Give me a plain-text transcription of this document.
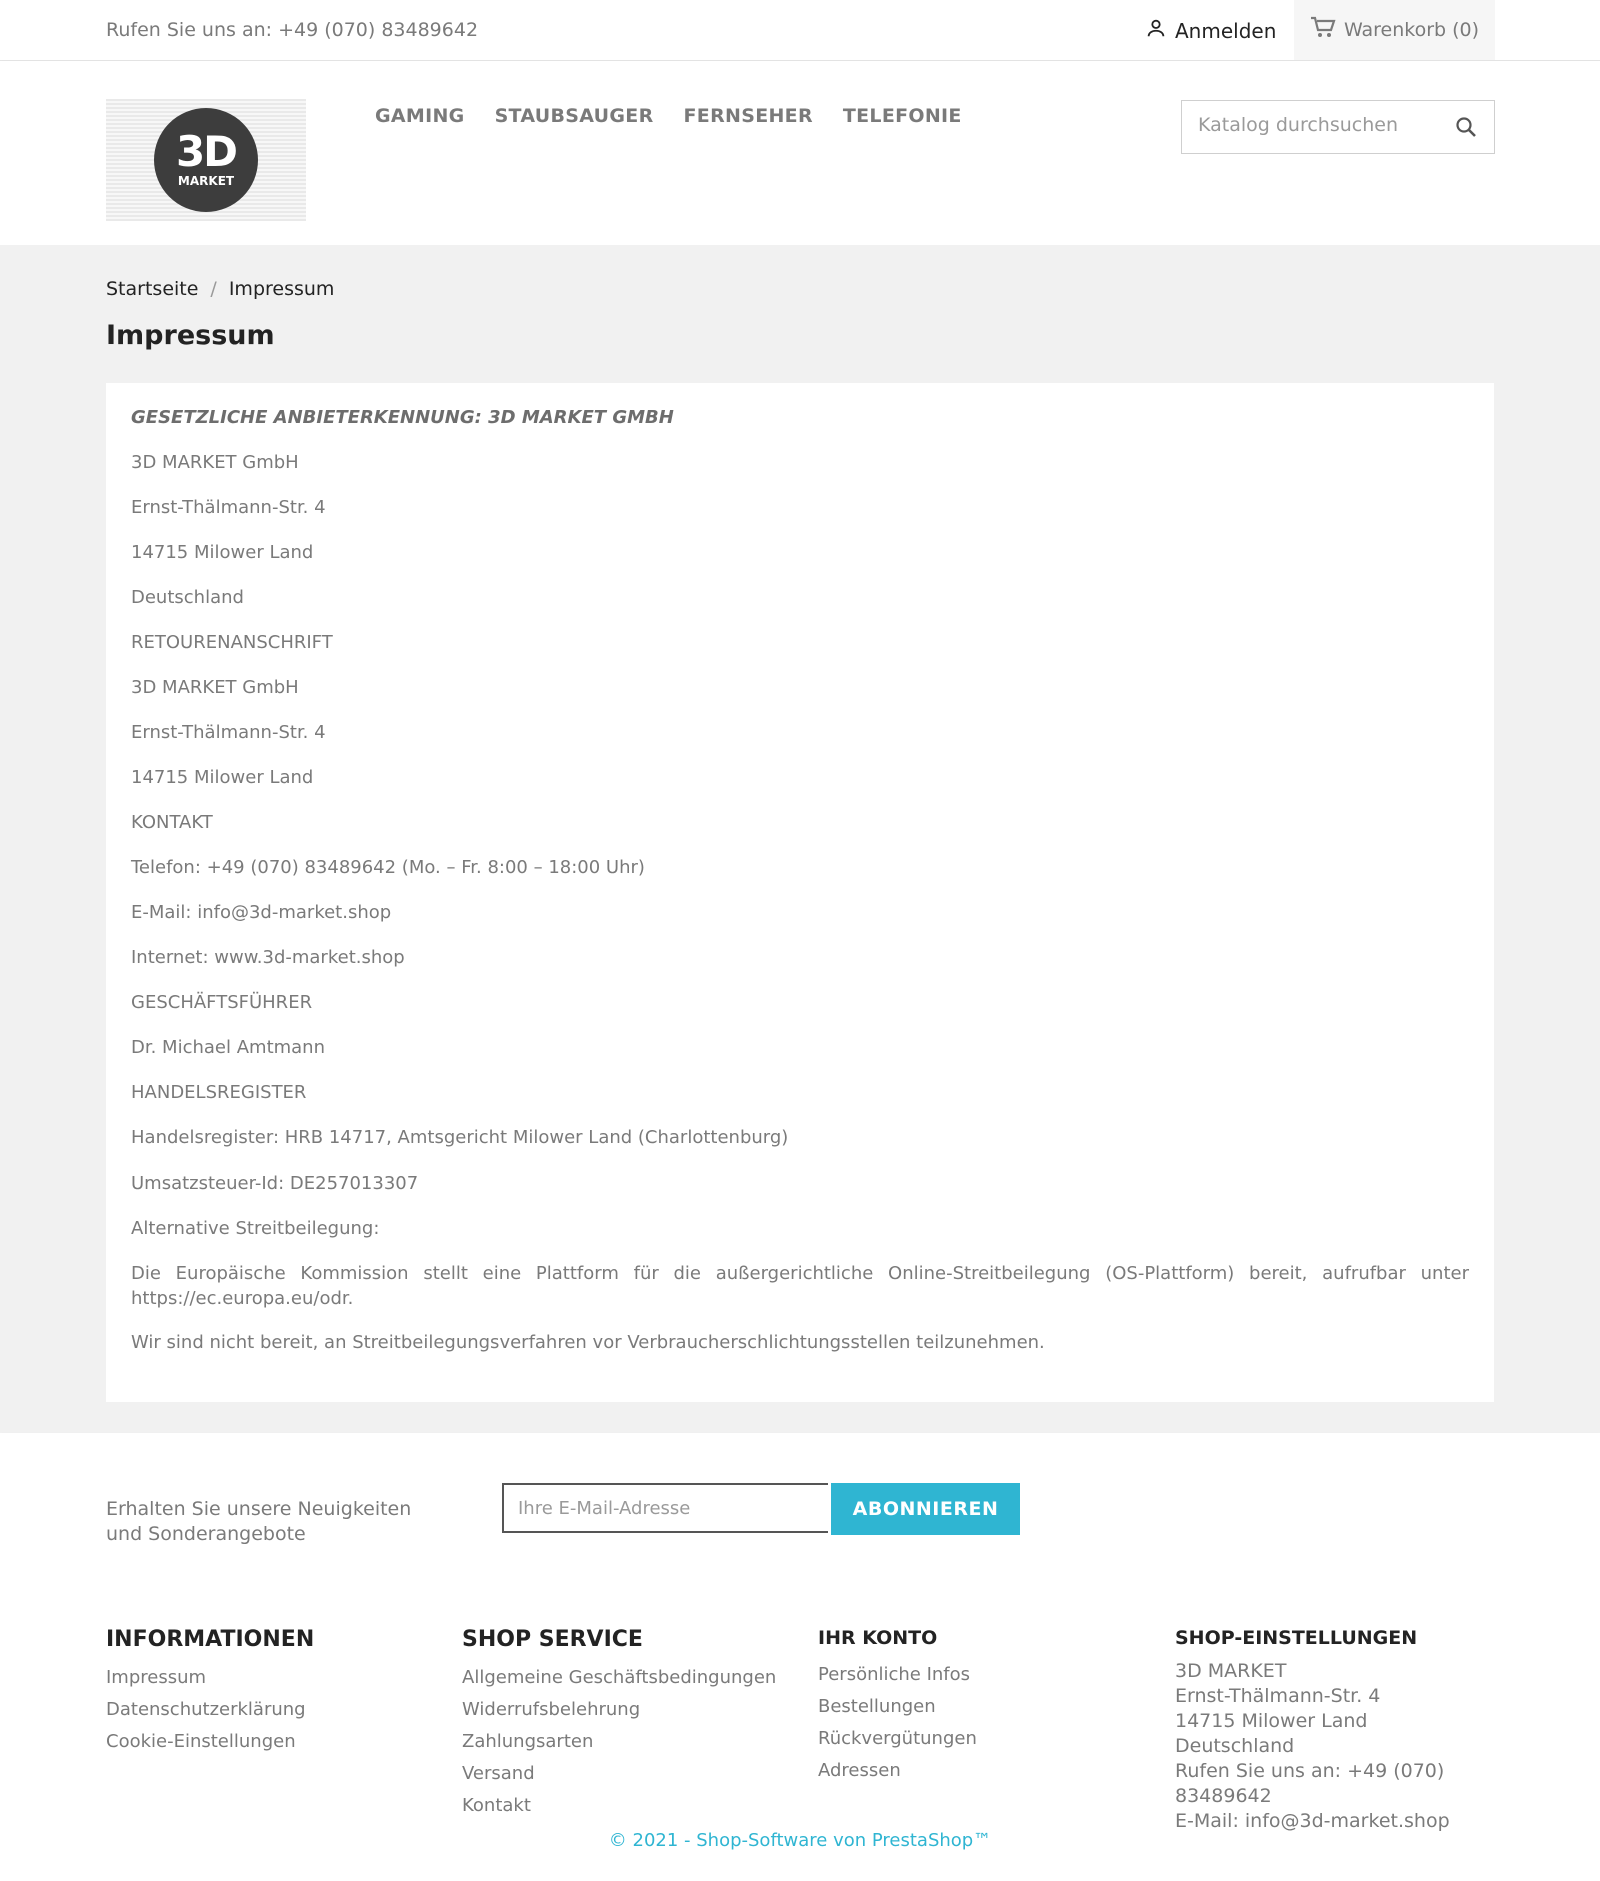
Rufen Sie uns an: +49 (070) 83489642	Anmelden	Warenkorb (0)
3D
MARKET
GAMING STAUBSAUGER FERNSEHER TELEFONIE
Katalog durchsuchen
Startseite / Impressum
Impressum
GESETZLICHE ANBIETERKENNUNG: 3D MARKET GMBH
3D MARKET GmbH
Ernst-Thälmann-Str. 4
14715 Milower Land
Deutschland
RETOURENANSCHRIFT
3D MARKET GmbH
Ernst-Thälmann-Str. 4
14715 Milower Land
KONTAKT
Telefon: +49 (070) 83489642 (Mo. – Fr. 8:00 – 18:00 Uhr)
E-Mail: info@3d-market.shop
Internet: www.3d-market.shop
GESCHÄFTSFÜHRER
Dr. Michael Amtmann
HANDELSREGISTER
Handelsregister: HRB 14717, Amtsgericht Milower Land (Charlottenburg)
Umsatzsteuer-Id: DE257013307
Alternative Streitbeilegung:
Die Europäische Kommission stellt eine Plattform für die außergerichtliche Online-Streitbeilegung (OS-Plattform) bereit, aufrufbar unter https://ec.europa.eu/odr.
Wir sind nicht bereit, an Streitbeilegungsverfahren vor Verbraucherschlichtungsstellen teilzunehmen.
Erhalten Sie unsere Neuigkeiten und Sonderangebote
Ihre E-Mail-Adresse
ABONNIEREN
INFORMATIONEN
Impressum
Datenschutzerklärung
Cookie-Einstellungen
SHOP SERVICE
Allgemeine Geschäftsbedingungen
Widerrufsbelehrung
Zahlungsarten
Versand
Kontakt
IHR KONTO
Persönliche Infos
Bestellungen
Rückvergütungen
Adressen
SHOP-EINSTELLUNGEN
3D MARKET
Ernst-Thälmann-Str. 4
14715 Milower Land
Deutschland
Rufen Sie uns an: +49 (070) 83489642
E-Mail: info@3d-market.shop
© 2021 - Shop-Software von PrestaShop™
